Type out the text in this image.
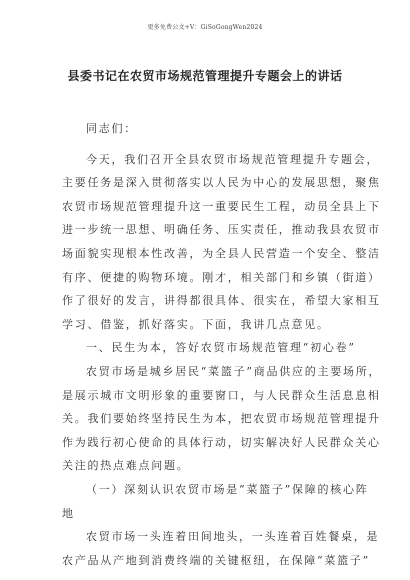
更多免费公文+V：GiSoGongWen2024
县委书记在农贸市场规范管理提升专题会上的讲话
同志们：
今天，我们召开全县农贸市场规范管理提升专题会，
主要任务是深入贯彻落实以人民为中心的发展思想，聚焦
农贸市场规范管理提升这一重要民生工程，动员全县上下
进一步统一思想、明确任务、压实责任，推动我县农贸市
场面貌实现根本性改善，为全县人民营造一个安全、整洁
有序、便捷的购物环境。刚才，相关部门和乡镇（街道）
作了很好的发言，讲得都很具体、很实在，希望大家相互
学习、借鉴，抓好落实。下面，我讲几点意见。
一、民生为本，答好农贸市场规范管理“初心卷”
农贸市场是城乡居民“菜篮子”商品供应的主要场所，
是展示城市文明形象的重要窗口，与人民群众生活息息相
关。我们要始终坚持民生为本，把农贸市场规范管理提升
作为践行初心使命的具体行动，切实解决好人民群众关心
关注的热点难点问题。
（一）深刻认识农贸市场是“菜篮子”保障的核心阵
地
农贸市场一头连着田间地头，一头连着百姓餐桌，是
农产品从产地到消费终端的关键枢纽，在保障“菜篮子”
